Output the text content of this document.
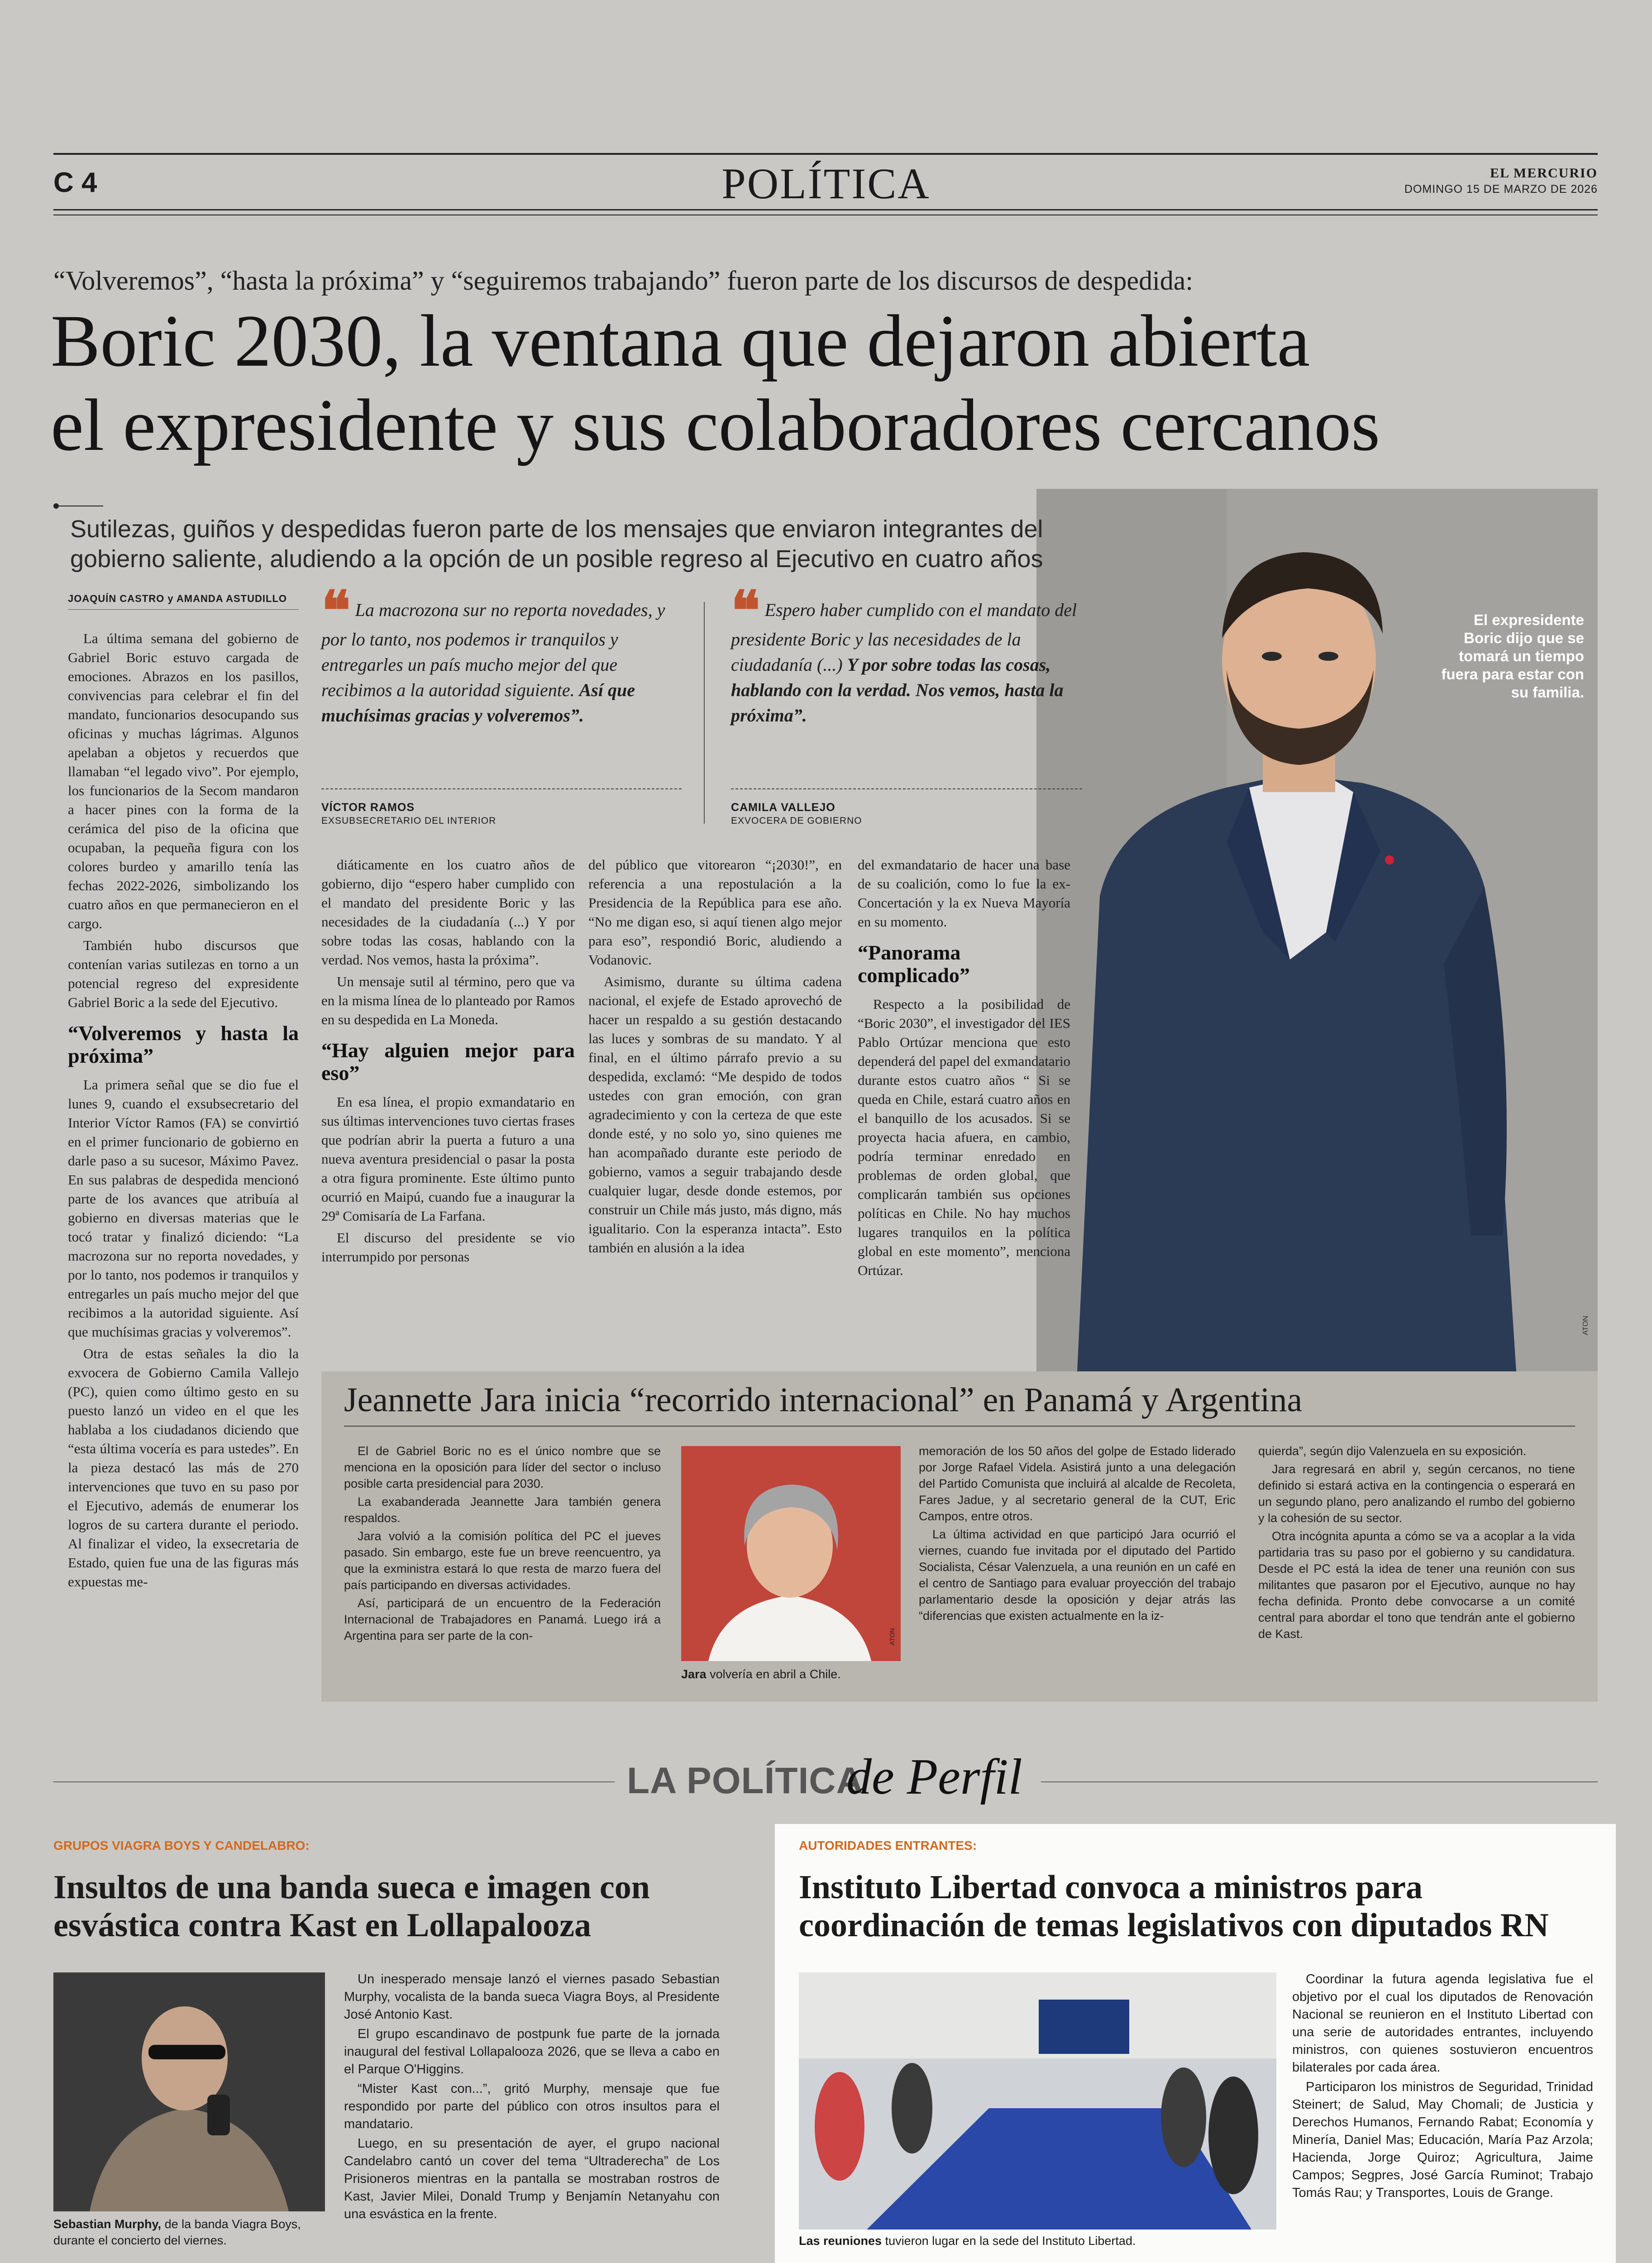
C 4	POLÍTICA	EL MERCURIO
DOMINGO 15 DE MARZO DE 2026
“Volveremos”, “hasta la próxima” y “seguiremos trabajando” fueron parte de los discursos de despedida:
Boric 2030, la ventana que dejaron abierta
el expresidente y sus colaboradores cercanos
El expresidente Boric dijo que se tomará un tiempo fuera para estar con su familia.
ATON
Sutilezas, guiños y despedidas fueron parte de los mensajes que enviaron integrantes del
gobierno saliente, aludiendo a la opción de un posible regreso al Ejecutivo en cuatro años
JOAQUÍN CASTRO y AMANDA ASTUDILLO

La última semana del gobierno de Gabriel Boric estuvo cargada de emociones. Abrazos en los pasillos, convivencias para celebrar el fin del mandato, funcionarios desocupando sus oficinas y muchas lágrimas. Algunos apelaban a objetos y recuerdos que llamaban “el legado vivo”. Por ejemplo, los funcionarios de la Secom mandaron a hacer pines con la forma de la cerámica del piso de la oficina que ocupaban, la pequeña figura con los colores burdeo y amarillo tenía las fechas 2022-2026, simbolizando los cuatro años en que permanecieron en el cargo.

También hubo discursos que contenían varias sutilezas en torno a un potencial regreso del expresidente Gabriel Boric a la sede del Ejecutivo.

“Volveremos y hasta la próxima”

La primera señal que se dio fue el lunes 9, cuando el exsubsecretario del Interior Víctor Ramos (FA) se convirtió en el primer funcionario de gobierno en darle paso a su sucesor, Máximo Pavez. En sus palabras de despedida mencionó parte de los avances que atribuía al gobierno en diversas materias que le tocó tratar y finalizó diciendo: “La macrozona sur no reporta novedades, y por lo tanto, nos podemos ir tranquilos y entregarles un país mucho mejor del que recibimos a la autoridad siguiente. Así que muchísimas gracias y volveremos”.

Otra de estas señales la dio la exvocera de Gobierno Camila Vallejo (PC), quien como último gesto en su puesto lanzó un video en el que les hablaba a los ciudadanos diciendo que “esta última vocería es para ustedes”. En la pieza destacó las más de 270 intervenciones que tuvo en su paso por el Ejecutivo, además de enumerar los logros de su cartera durante el periodo. Al finalizar el video, la exsecretaria de Estado, quien fue una de las figuras más expuestas me-

❝ La macrozona sur no reporta novedades, y por lo tanto, nos podemos ir tranquilos y entregarles un país mucho mejor del que recibimos a la autoridad siguiente. Así que muchísimas gracias y volveremos”.
VÍCTOR RAMOS
EXSUBSECRETARIO DEL INTERIOR
❝ Espero haber cumplido con el mandato del presidente Boric y las necesidades de la ciudadanía (...) Y por sobre todas las cosas, hablando con la verdad. Nos vemos, hasta la próxima”.
CAMILA VALLEJO
EXVOCERA DE GOBIERNO

diáticamente en los cuatro años de gobierno, dijo “espero haber cumplido con el mandato del presidente Boric y las necesidades de la ciudadanía (...) Y por sobre todas las cosas, hablando con la verdad. Nos vemos, hasta la próxima”.

Un mensaje sutil al término, pero que va en la misma línea de lo planteado por Ramos en su despedida en La Moneda.

“Hay alguien mejor para eso”

En esa línea, el propio exmandatario en sus últimas intervenciones tuvo ciertas frases que podrían abrir la puerta a futuro a una nueva aventura presidencial o pasar la posta a otra figura prominente. Este último punto ocurrió en Maipú, cuando fue a inaugurar la 29ª Comisaría de La Farfana.

El discurso del presidente se vio interrumpido por personas

del público que vitorearon “¡2030!”, en referencia a una repostulación a la Presidencia de la República para ese año. “No me digan eso, si aquí tienen algo mejor para eso”, respondió Boric, aludiendo a Vodanovic.

Asimismo, durante su última cadena nacional, el exjefe de Estado aprovechó de hacer un respaldo a su gestión destacando las luces y sombras de su mandato. Y al final, en el último párrafo previo a su despedida, exclamó: “Me despido de todos ustedes con gran emoción, con gran agradecimiento y con la certeza de que este donde esté, y no solo yo, sino quienes me han acompañado durante este periodo de gobierno, vamos a seguir trabajando desde cualquier lugar, desde donde estemos, por construir un Chile más justo, más digno, más igualitario. Con la esperanza intacta”. Esto también en alusión a la idea

del exmandatario de hacer una base de su coalición, como lo fue la ex-Concertación y la ex Nueva Mayoría en su momento.

“Panorama complicado”

Respecto a la posibilidad de “Boric 2030”, el investigador del IES Pablo Ortúzar menciona que esto dependerá del papel del exmandatario durante estos cuatro años “ Si se queda en Chile, estará cuatro años en el banquillo de los acusados. Si se proyecta hacia afuera, en cambio, podría terminar enredado en problemas de orden global, que complicarán también sus opciones políticas en Chile. No hay muchos lugares tranquilos en la política global en este momento”, menciona Ortúzar.

Jeannette Jara inicia “recorrido internacional” en Panamá y Argentina

El de Gabriel Boric no es el único nombre que se menciona en la oposición para líder del sector o incluso posible carta presidencial para 2030.

La exabanderada Jeannette Jara también genera respaldos.

Jara volvió a la comisión política del PC el jueves pasado. Sin embargo, este fue un breve reencuentro, ya que la exministra estará lo que resta de marzo fuera del país participando en diversas actividades.

Así, participará de un encuentro de la Federación Internacional de Trabajadores en Panamá. Luego irá a Argentina para ser parte de la con-	ATON
Jara volvería en abril a Chile.

memoración de los 50 años del golpe de Estado liderado por Jorge Rafael Videla. Asistirá junto a una delegación del Partido Comunista que incluirá al alcalde de Recoleta, Fares Jadue, y al secretario general de la CUT, Eric Campos, entre otros.

La última actividad en que participó Jara ocurrió el viernes, cuando fue invitada por el diputado del Partido Socialista, César Valenzuela, a una reunión en un café en el centro de Santiago para evaluar proyección del trabajo parlamentario desde la oposición y dejar atrás las “diferencias que existen actualmente en la iz-

quierda”, según dijo Valenzuela en su exposición.

Jara regresará en abril y, según cercanos, no tiene definido si estará activa en la contingencia o esperará en un segundo plano, pero analizando el rumbo del gobierno y la cohesión de su sector.

Otra incógnita apunta a cómo se va a acoplar a la vida partidaria tras su paso por el gobierno y su candidatura. Desde el PC está la idea de tener una reunión con sus militantes que pasaron por el Ejecutivo, aunque no hay fecha definida. Pronto debe convocarse a un comité central para abordar el tono que tendrán ante el gobierno de Kast.

LA POLÍTICA
de Perfil
GRUPOS VIAGRA BOYS Y CANDELABRO:
Insultos de una banda sueca e imagen con
esvástica contra Kast en Lollapalooza
Sebastian Murphy, de la banda Viagra Boys, durante el concierto del viernes.

Un inesperado mensaje lanzó el viernes pasado Sebastian Murphy, vocalista de la banda sueca Viagra Boys, al Presidente José Antonio Kast.

El grupo escandinavo de postpunk fue parte de la jornada inaugural del festival Lollapalooza 2026, que se lleva a cabo en el Parque O'Higgins.

“Mister Kast con...”, gritó Murphy, mensaje que fue respondido por parte del público con otros insultos para el mandatario.

Luego, en su presentación de ayer, el grupo nacional Candelabro cantó un cover del tema “Ultraderecha” de Los Prisioneros mientras en la pantalla se mostraban rostros de Kast, Javier Milei, Donald Trump y Benjamín Netanyahu con una esvástica en la frente.

AUTORIDADES ENTRANTES:
Instituto Libertad convoca a ministros para
coordinación de temas legislativos con diputados RN
Las reuniones tuvieron lugar en la sede del Instituto Libertad.

Coordinar la futura agenda legislativa fue el objetivo por el cual los diputados de Renovación Nacional se reunieron en el Instituto Libertad con una serie de autoridades entrantes, incluyendo ministros, con quienes sostuvieron encuentros bilaterales por cada área.

Participaron los ministros de Seguridad, Trinidad Steinert; de Salud, May Chomali; de Justicia y Derechos Humanos, Fernando Rabat; Economía y Minería, Daniel Mas; Educación, María Paz Arzola; Hacienda, Jorge Quiroz; Agricultura, Jaime Campos; Segpres, José García Ruminot; Trabajo Tomás Rau; y Transportes, Louis de Grange.
